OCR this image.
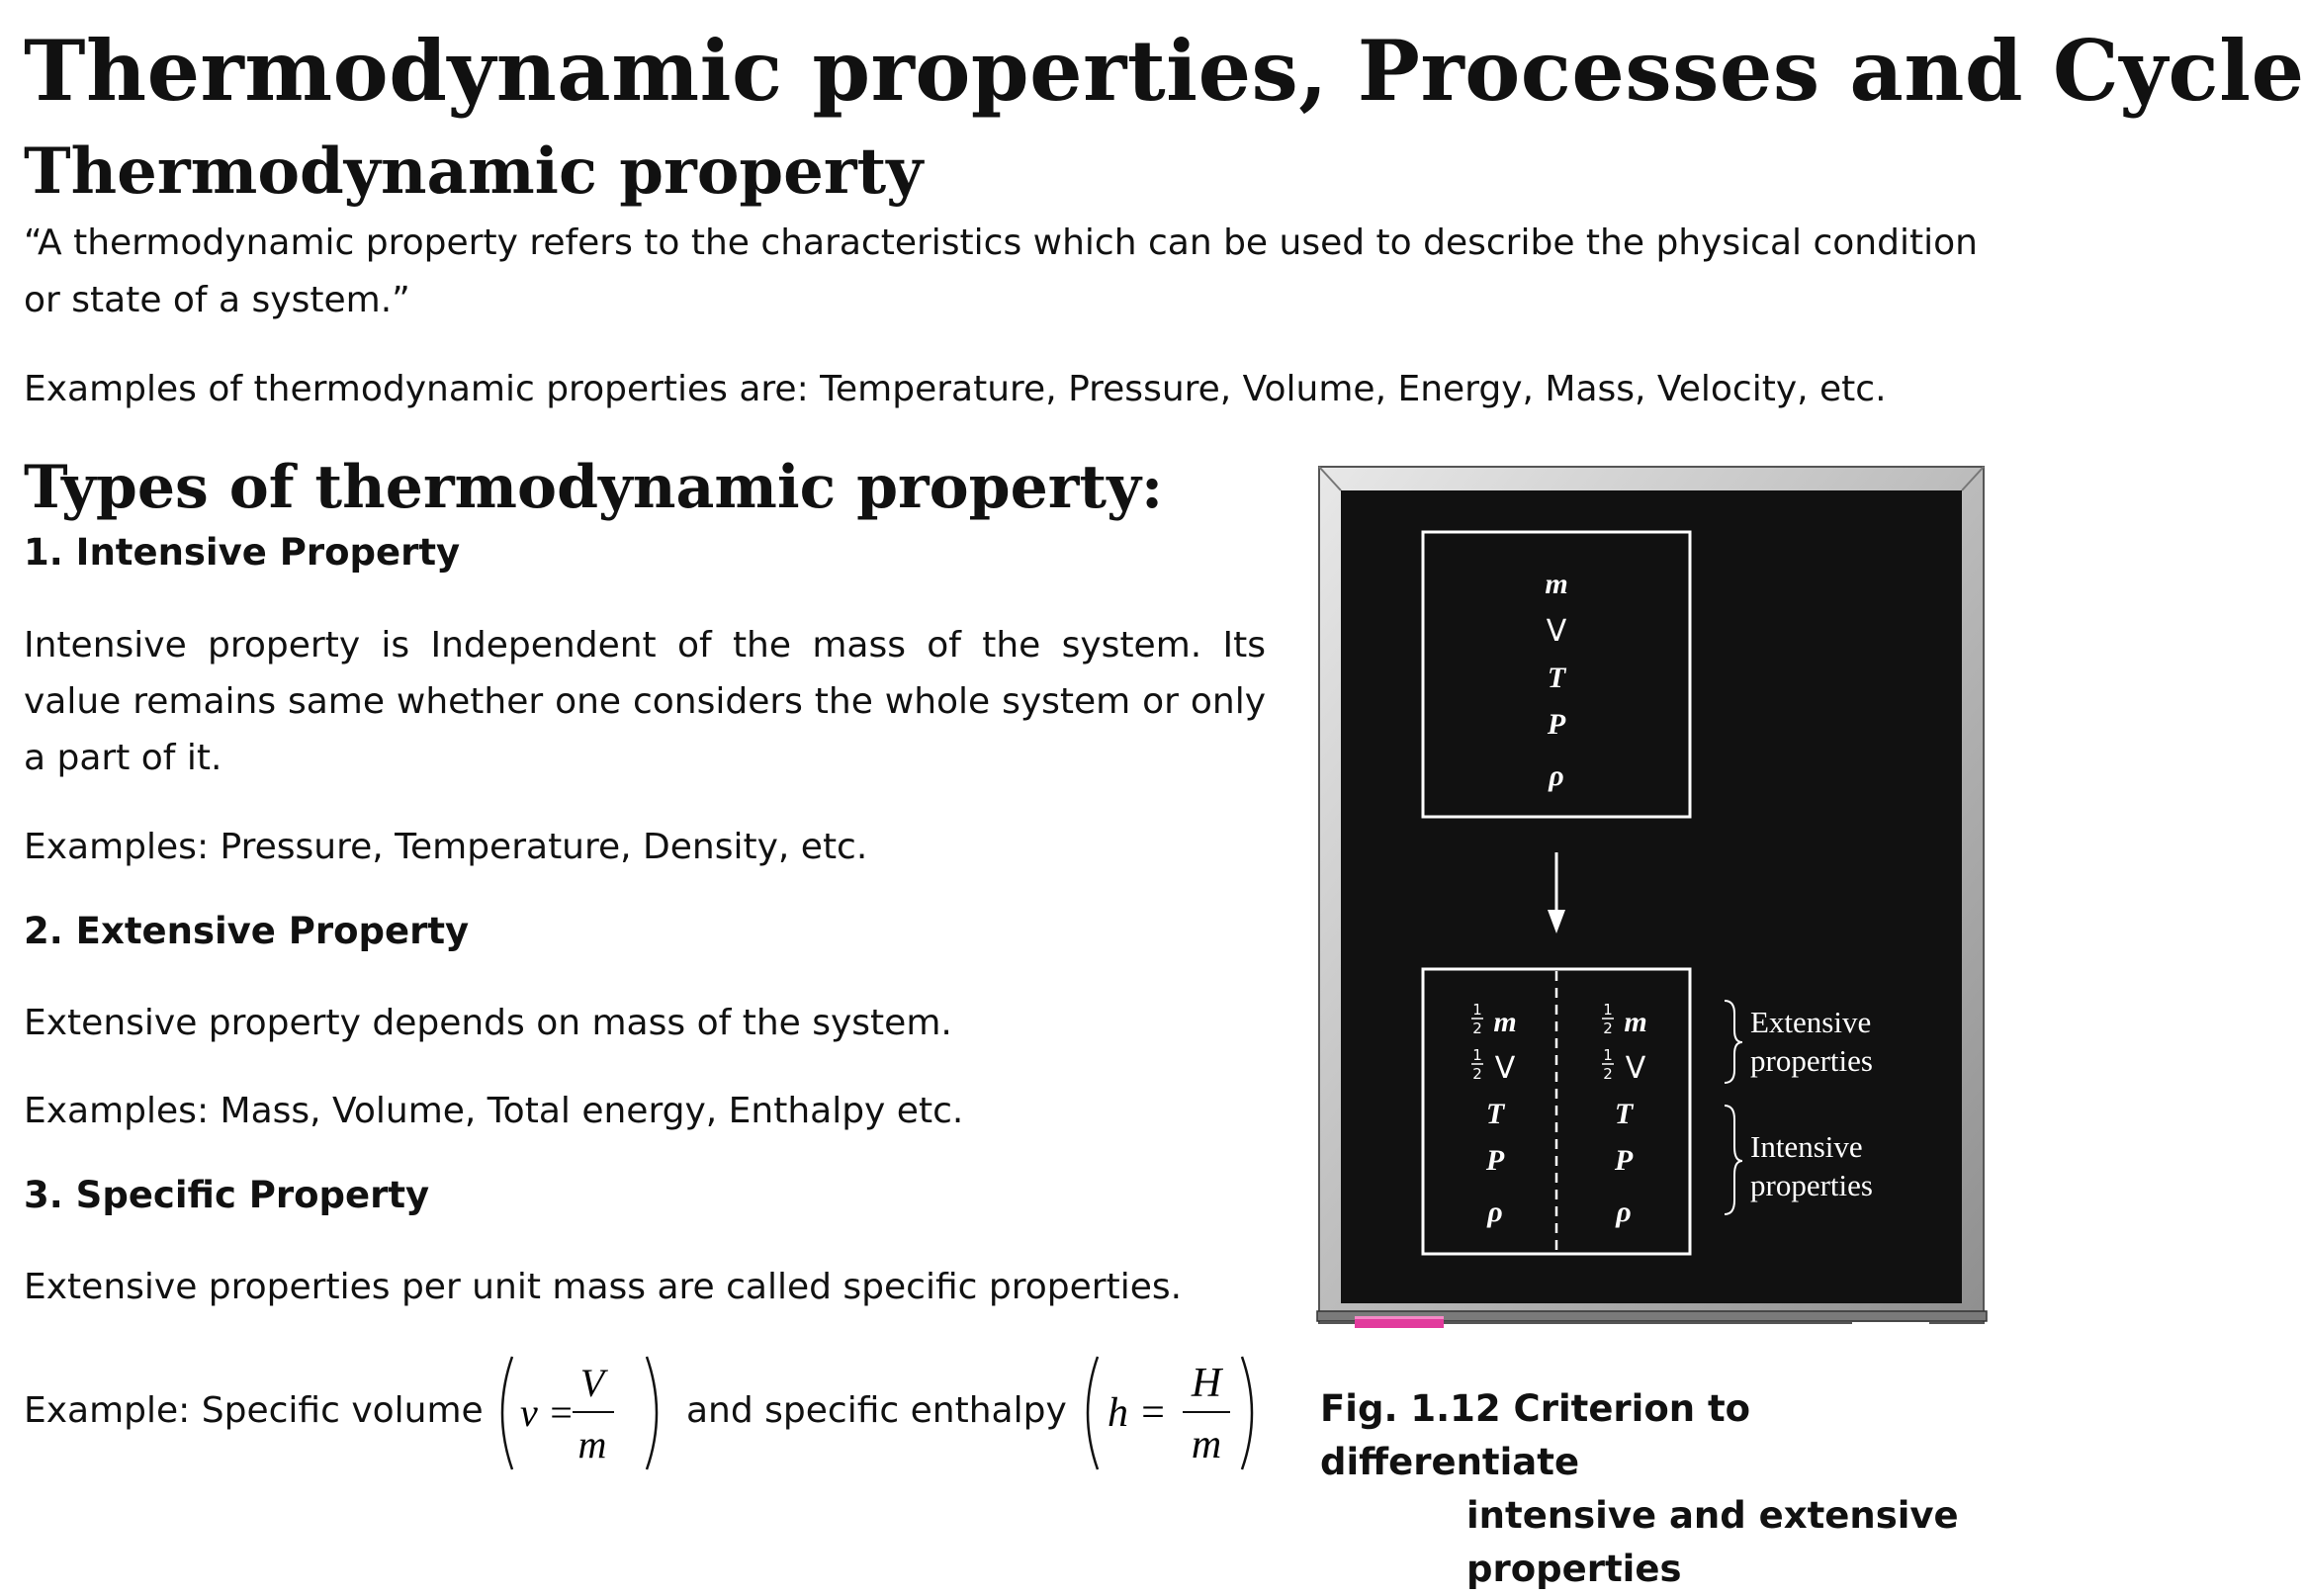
Thermodynamic properties, Processes and Cycle
Thermodynamic property

“A thermodynamic property refers to the characteristics which can be used to describe the physical condition

or state of a system.”

Examples of thermodynamic properties are: Temperature, Pressure, Volume, Energy, Mass, Velocity, etc.

Types of thermodynamic property:

1. Intensive Property

Intensive property is Independent of the mass of the system. Its

value remains same whether one considers the whole system or only

a part of it.

Examples: Pressure, Temperature, Density, etc.

2. Extensive Property

Extensive property depends on mass of the system.

Examples: Mass, Volume, Total energy, Enthalpy etc.

3. Specific Property

Extensive properties per unit mass are called specific properties.

Example: Specific volume v =
V
m

and specific enthalpy h =
H
m
m
V
T
P
ρ
1
2
1
2
m
V
T
P
ρ
1
2
1
2
m
V
T
P
ρ
Extensive
properties
Intensive
properties
Fig. 1.12 Criterion to differentiate
intensive and extensive
properties
